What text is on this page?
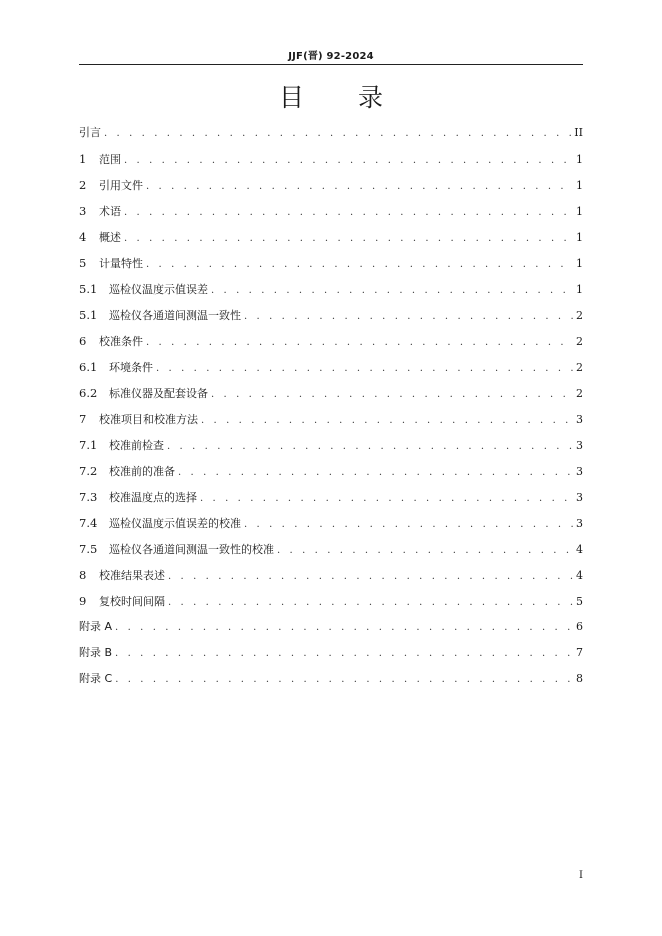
JJF(晋) 92-2024
目录
引言 . . .	II
1	范围 . . .	1
2	引用文件 . . .	1
3	术语 . . .	1
4	概述 . . .	1
5	计量特性 . . .	1
5.1	巡检仪温度示值误差 . . .	1
5.1	巡检仪各通道间测温一致性 . . .	2
6	校准条件 . . .	2
6.1	环境条件 . . .	2
6.2	标准仪器及配套设备 . . .	2
7	校准项目和校准方法 . . .	3
7.1	校准前检查 . . .	3
7.2	校准前的准备 . . .	3
7.3	校准温度点的选择 . . .	3
7.4	巡检仪温度示值误差的校准 . . .	3
7.5	巡检仪各通道间测温一致性的校准 . . .	4
8	校准结果表述 . . .	4
9	复校时间间隔 . . .	5
附录 A . . .	6
附录 B . . .	7
附录 C . . .	8
I
